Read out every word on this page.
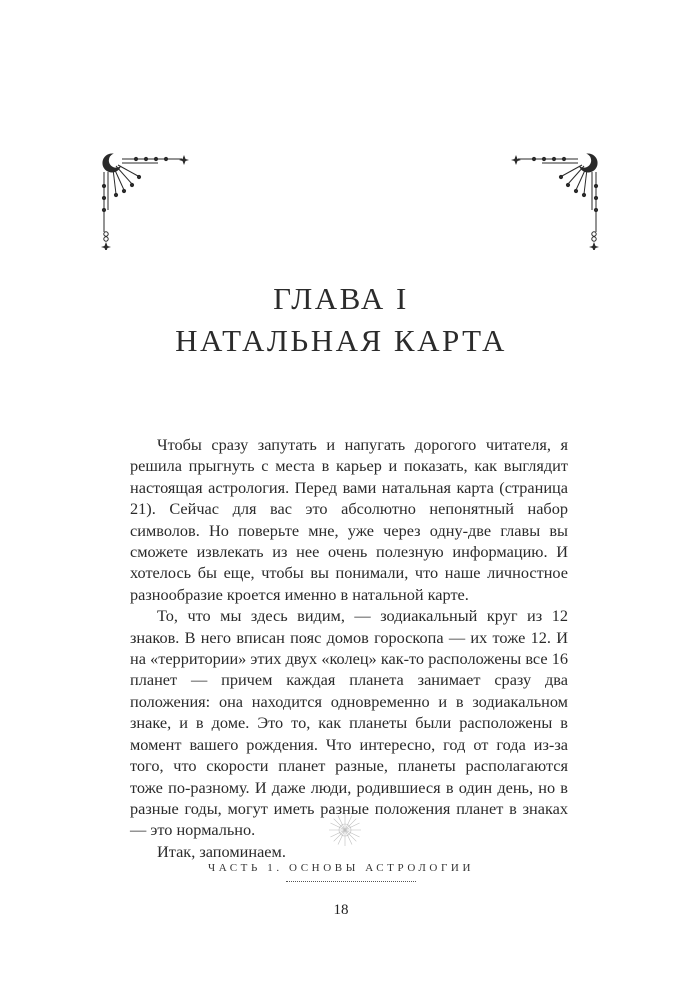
ГЛАВА I
НАТАЛЬНАЯ КАРТА

Чтобы сразу запутать и напугать дорогого читателя, я решила прыгнуть с места в карьер и показать, как выглядит настоящая астрология. Перед вами натальная карта (страница 21). Сейчас для вас это абсолютно непонятный набор символов. Но поверьте мне, уже через одну-две главы вы сможете извлекать из нее очень полезную информацию. И хотелось бы еще, чтобы вы понимали, что наше личностное разнообразие кроется именно в натальной карте.

То, что мы здесь видим, — зодиакальный круг из 12 знаков. В него вписан пояс домов гороскопа — их тоже 12. И на «территории» этих двух «колец» как-то расположены все 16 планет — причем каждая планета занимает сразу два положения: она находится одновременно и в зодиакальном знаке, и в доме. Это то, как планеты были расположены в момент вашего рождения. Что интересно, год от года из-за того, что скорости планет разные, планеты располагаются тоже по-разному. И даже люди, родившиеся в один день, но в разные годы, могут иметь разные положения планет в знаках — это нормально.

Итак, запоминаем.

ЧАСТЬ 1. ОСНОВЫ АСТРОЛОГИИ
18
